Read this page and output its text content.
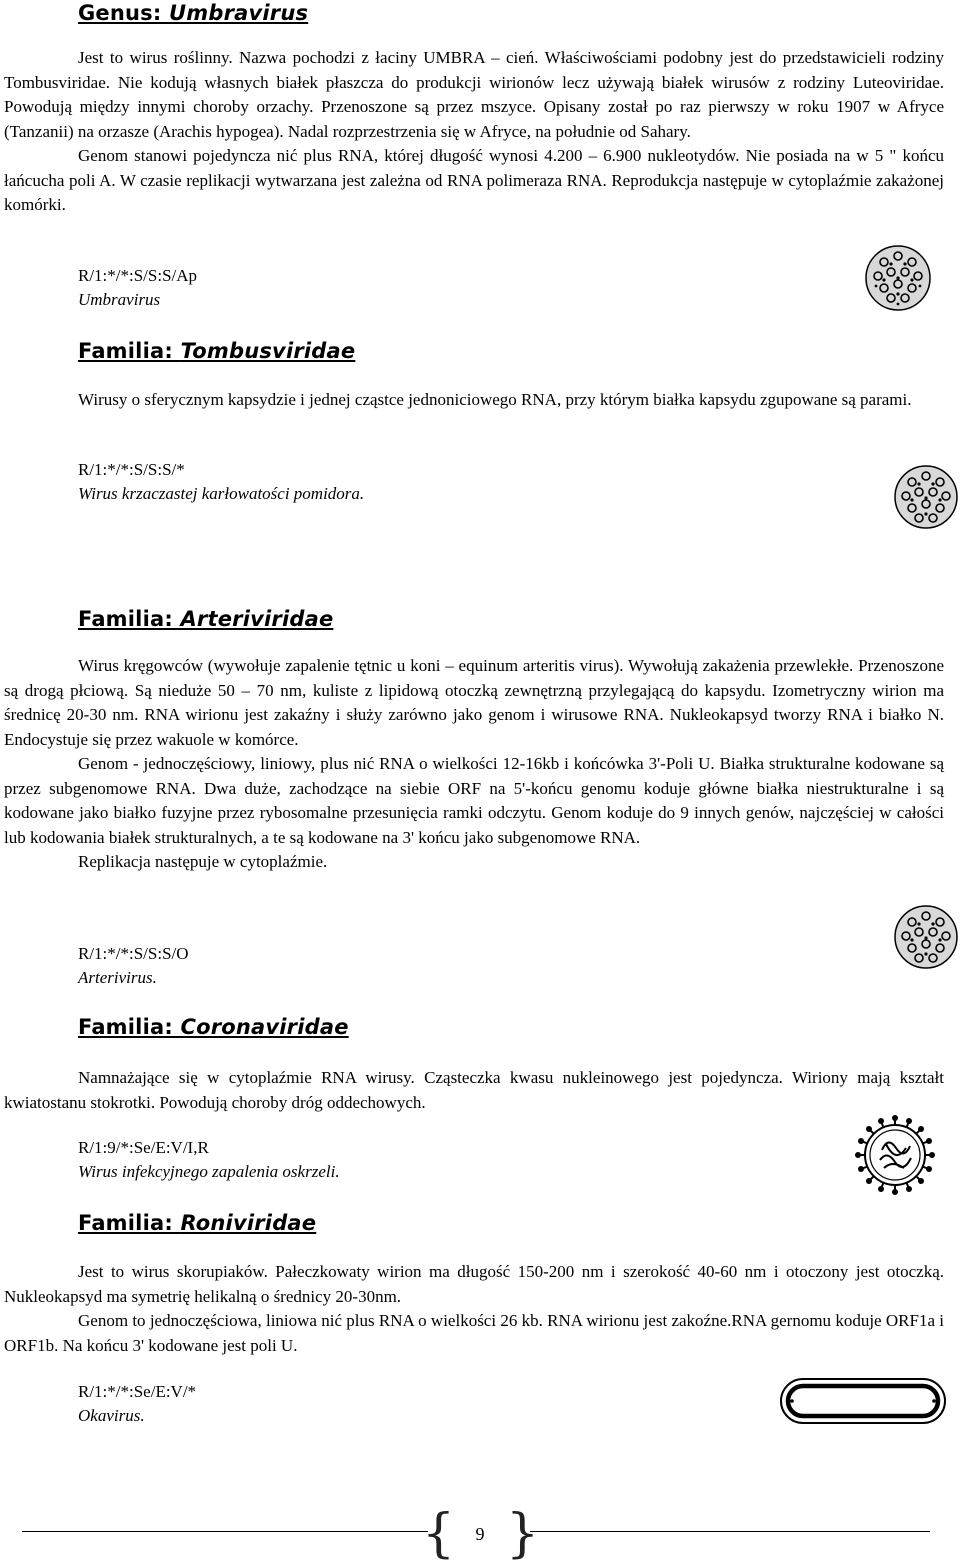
Genus: Umbravirus

Jest to wirus roślinny. Nazwa pochodzi z łaciny UMBRA – cień. Właściwościami podobny jest do przedstawicieli rodziny Tombusviridae. Nie kodują własnych białek płaszcza do produkcji wirionów lecz używają białek wirusów z rodziny Luteoviridae. Powodują między innymi choroby orzachy. Przenoszone są przez mszyce. Opisany został po raz pierwszy w roku 1907 w Afryce (Tanzanii) na orzasze (Arachis hypogea). Nadal rozprzestrzenia się w Afryce, na południe od Sahary.

Genom stanowi pojedyncza nić plus RNA, której długość wynosi 4.200 – 6.900 nukleotydów. Nie posiada na w 5 " końcu łańcucha poli A. W czasie replikacji wytwarzana jest zależna od RNA polimeraza RNA. Reprodukcja następuje w cytoplaźmie zakażonej komórki.

R/1:*/*:S/S:S/Ap
Umbravirus
Familia: Tombusviridae

Wirusy o sferycznym kapsydzie i jednej cząstce jednoniciowego RNA, przy którym białka kapsydu zgupowane są parami.

R/1:*/*:S/S:S/*
Wirus krzaczastej karłowatości pomidora.
Familia: Arteriviridae

Wirus kręgowców (wywołuje zapalenie tętnic u koni – equinum arteritis virus). Wywołują zakażenia przewlekłe. Przenoszone są drogą płciową. Są nieduże 50 – 70 nm, kuliste z lipidową otoczką zewnętrzną przylegającą do kapsydu. Izometryczny wirion ma średnicę 20-30 nm. RNA wirionu jest zakaźny i służy zarówno jako genom i wirusowe RNA. Nukleokapsyd tworzy RNA i białko N. Endocystuje się przez wakuole w komórce.

Genom - jednoczęściowy, liniowy, plus nić RNA o wielkości 12-16kb i końcówka 3'-Poli U. Białka strukturalne kodowane są przez subgenomowe RNA. Dwa duże, zachodzące na siebie ORF na 5'-końcu genomu koduje główne białka niestrukturalne i są kodowane jako białko fuzyjne przez rybosomalne przesunięcia ramki odczytu. Genom koduje do 9 innych genów, najczęściej w całości lub kodowania białek strukturalnych, a te są kodowane na 3' końcu jako subgenomowe RNA.

Replikacja następuje w cytoplaźmie.

R/1:*/*:S/S:S/O
Arterivirus.
Familia: Coronaviridae

Namnażające się w cytoplaźmie RNA wirusy. Cząsteczka kwasu nukleinowego jest pojedyncza. Wiriony mają kształt kwiatostanu stokrotki. Powodują choroby dróg oddechowych.

R/1:9/*:Se/E:V/I,R
Wirus infekcyjnego zapalenia oskrzeli.
Familia: Roniviridae

Jest to wirus skorupiaków. Pałeczkowaty wirion ma długość 150-200 nm i szerokość 40-60 nm i otoczony jest otoczką. Nukleokapsyd ma symetrię helikalną o średnicy 20-30nm.

Genom to jednoczęściowa, liniowa nić plus RNA o wielkości 26 kb. RNA wirionu jest zakoźne.RNA gernomu koduje ORF1a i ORF1b. Na końcu 3' kodowane jest poli U.

R/1:*/*:Se/E:V/*
Okavirus.
{ }
9
